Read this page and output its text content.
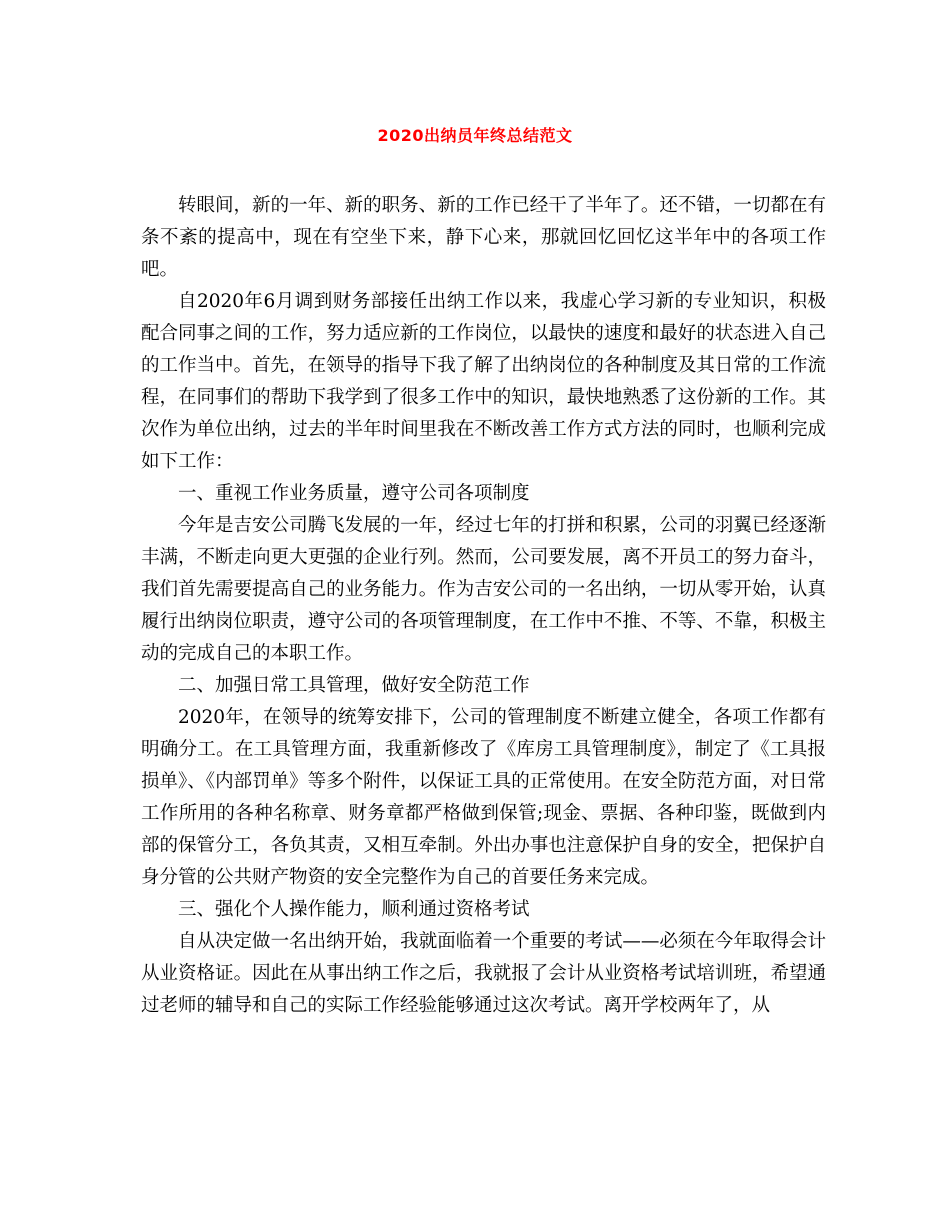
2020出纳员年终总结范文

转眼间，新的一年、新的职务、新的工作已经干了半年了。还不错，一切都在有条不紊的提高中，现在有空坐下来，静下心来，那就回忆回忆这半年中的各项工作吧。

自2020年6月调到财务部接任出纳工作以来，我虚心学习新的专业知识，积极配合同事之间的工作，努力适应新的工作岗位，以最快的速度和最好的状态进入自己的工作当中。首先，在领导的指导下我了解了出纳岗位的各种制度及其日常的工作流程，在同事们的帮助下我学到了很多工作中的知识，最快地熟悉了这份新的工作。其次作为单位出纳，过去的半年时间里我在不断改善工作方式方法的同时，也顺利完成如下工作：

一、重视工作业务质量，遵守公司各项制度

今年是吉安公司腾飞发展的一年，经过七年的打拼和积累，公司的羽翼已经逐渐丰满，不断走向更大更强的企业行列。然而，公司要发展，离不开员工的努力奋斗，我们首先需要提高自己的业务能力。作为吉安公司的一名出纳，一切从零开始，认真履行出纳岗位职责，遵守公司的各项管理制度，在工作中不推、不等、不靠，积极主动的完成自己的本职工作。

二、加强日常工具管理，做好安全防范工作

2020年，在领导的统筹安排下，公司的管理制度不断建立健全，各项工作都有明确分工。在工具管理方面，我重新修改了《库房工具管理制度》，制定了《工具报损单》、《内部罚单》等多个附件，以保证工具的正常使用。在安全防范方面，对日常工作所用的各种名称章、财务章都严格做到保管;现金、票据、各种印鉴，既做到内部的保管分工，各负其责，又相互牵制。外出办事也注意保护自身的安全，把保护自身分管的公共财产物资的安全完整作为自己的首要任务来完成。

三、强化个人操作能力，顺利通过资格考试

自从决定做一名出纳开始，我就面临着一个重要的考试——必须在今年取得会计从业资格证。因此在从事出纳工作之后，我就报了会计从业资格考试培训班，希望通过老师的辅导和自己的实际工作经验能够通过这次考试。离开学校两年了，从
